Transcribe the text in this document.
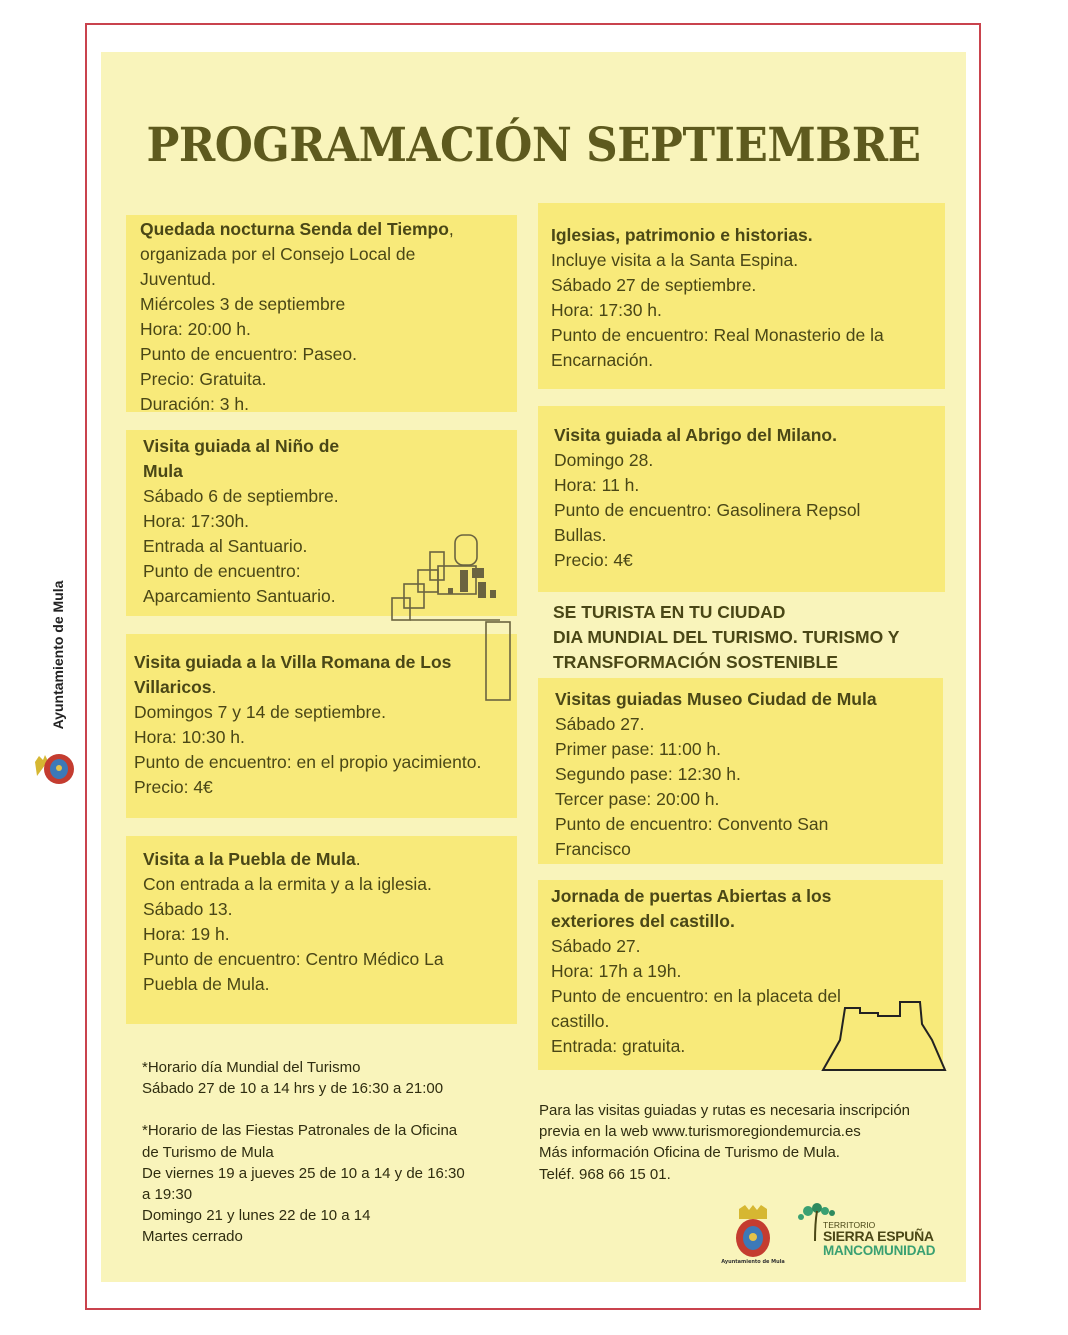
Ayuntamiento de Mula
PROGRAMACIÓN SEPTIEMBRE
Quedada nocturna Senda del Tiempo,
organizada por el Consejo Local de
Juventud.
Miércoles 3 de septiembre
Hora: 20:00 h.
Punto de encuentro: Paseo.
Precio: Gratuita.
Duración: 3 h.
Visita guiada al Niño de
Mula
Sábado 6 de septiembre.
Hora: 17:30h.
Entrada al Santuario.
Punto de encuentro:
Aparcamiento Santuario.
Visita guiada a la Villa Romana de Los
Villaricos.
Domingos 7 y 14 de septiembre.
Hora: 10:30 h.
Punto de encuentro: en el propio yacimiento.
Precio: 4€
Visita a la Puebla de Mula.
Con entrada a la ermita y a la iglesia.
Sábado 13.
Hora: 19 h.
Punto de encuentro: Centro Médico La
Puebla de Mula.
Iglesias, patrimonio e historias.
Incluye visita a la Santa Espina.
Sábado 27 de septiembre.
Hora: 17:30 h.
Punto de encuentro: Real Monasterio de la
Encarnación.
Visita guiada al Abrigo del Milano.
Domingo 28.
Hora: 11 h.
Punto de encuentro: Gasolinera Repsol
Bullas.
Precio: 4€
SE TURISTA EN TU CIUDAD
DIA MUNDIAL DEL TURISMO. TURISMO Y
TRANSFORMACIÓN SOSTENIBLE
Visitas guiadas Museo Ciudad de Mula
Sábado 27.
Primer pase: 11:00 h.
Segundo pase: 12:30 h.
Tercer pase: 20:00 h.
Punto de encuentro: Convento San
Francisco
Jornada de puertas Abiertas a los
exteriores del castillo.
Sábado 27.
Hora: 17h a 19h.
Punto de encuentro: en la placeta del
castillo.
Entrada: gratuita.
*Horario día Mundial del Turismo
Sábado 27 de 10 a 14 hrs y de 16:30 a 21:00
*Horario de las Fiestas Patronales de la Oficina
de Turismo de Mula
De viernes 19 a jueves 25 de 10 a 14 y de 16:30
a 19:30
Domingo 21 y lunes 22 de 10 a 14
Martes cerrado
Para las visitas guiadas y rutas es necesaria inscripción
previa en la web www.turismoregiondemurcia.es
Más información Oficina de Turismo de Mula.
Teléf. 968 66 15 01.
Ayuntamiento de Mula
TERRITORIO
SIERRA ESPUÑA
MANCOMUNIDAD
